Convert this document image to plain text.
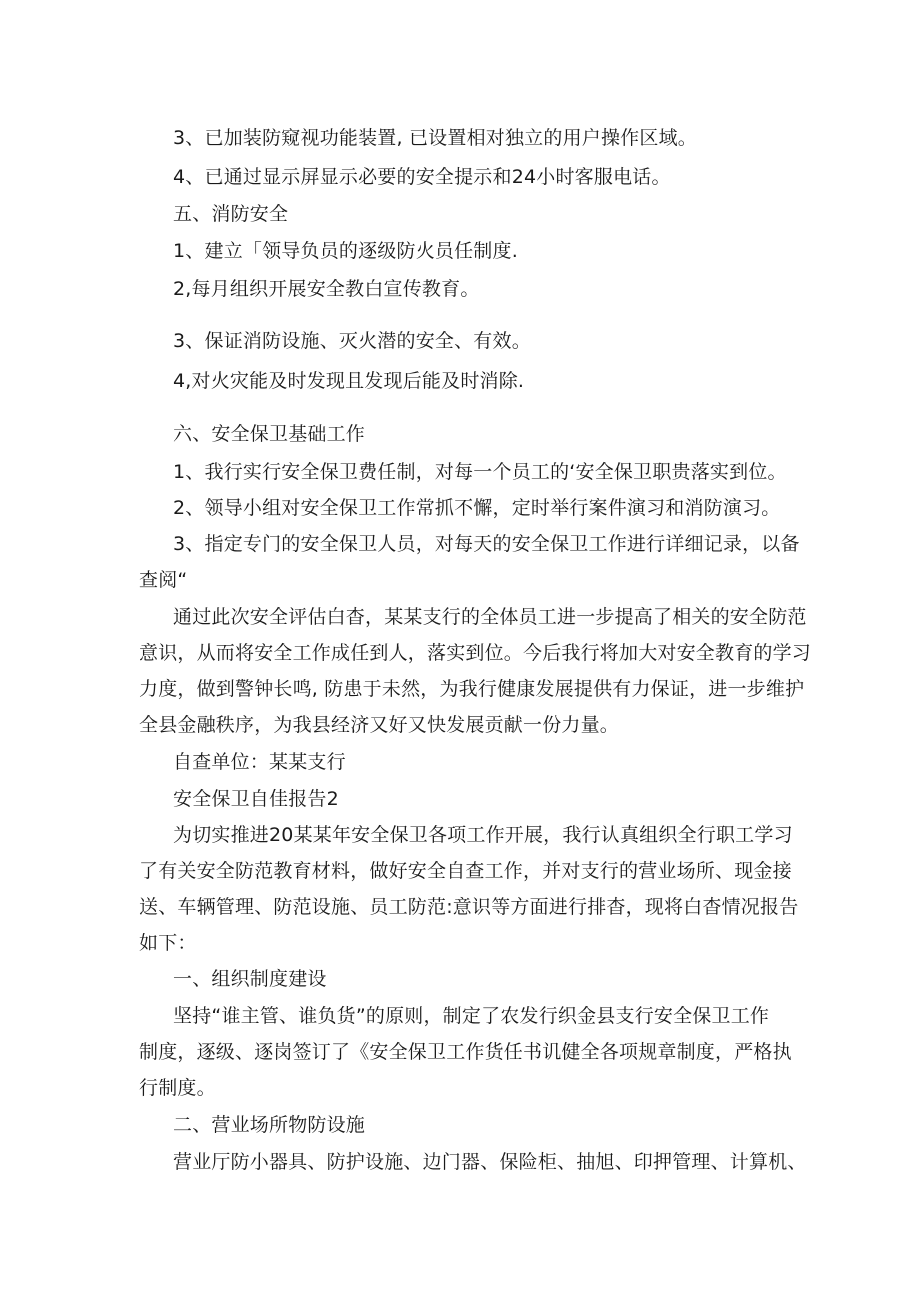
3、已加装防窥视功能装置, 已设置相对独立的用户操作区域。
4、已通过显示屏显示必要的安全提示和24小时客服电话。
五、消防安全
1、建立「领导负员的逐级防火员任制度.
2,每月组织开展安全教白宣传教育。
3、保证消防设施、灭火潜的安全、有效。
4,对火灾能及时发现且发现后能及时消除.
六、安全保卫基础工作
1、我行实行安全保卫费任制，对每一个员工的‘安全保卫职贵落实到位。
2、领导小组对安全保卫工作常抓不懈，定时举行案件演习和消防演习。
3、指定专门的安全保卫人员，对每天的安全保卫工作进行详细记录，以备
查阅“
通过此次安全评估白杳，某某支行的全体员工进一步提高了相关的安全防范
意识，从而将安全工作成任到人，落实到位。今后我行将加大对安全教育的学习
力度，做到警钟长鸣, 防患于未然，为我行健康发展提供有力保证，进一步维护
全县金融秩序，为我县经济又好又快发展贡献一份力量。
自查单位：某某支行
安全保卫自佳报告2
为切实推进20某某年安全保卫各项工作开展，我行认真组织全行职工学习
了有关安全防范教育材料，做好安全自查工作，并对支行的营业场所、现金接
送、车辆管理、防范设施、员工防范:意识等方面进行排杳，现将白杳情况报告
如下：
一、组织制度建设
坚持“谁主管、谁负货”的原则，制定了农发行织金县支行安全保卫工作
制度，逐级、逐岗签订了《安全保卫工作货任书讥健全各项规章制度，严格执
行制度。
二、营业场所物防设施
营业厅防小器具、防护设施、边门器、保险柜、抽旭、印押管理、计算机、
